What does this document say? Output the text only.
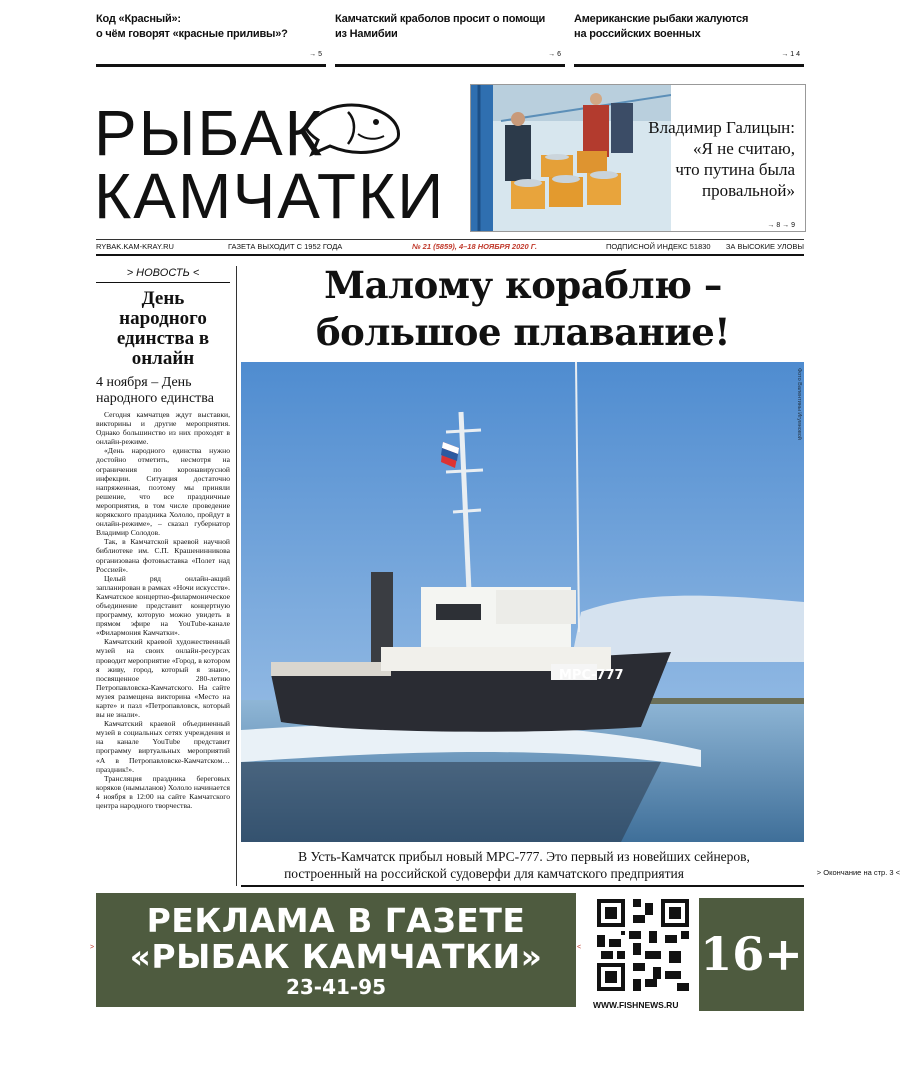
Код «Красный»:
о чём говорят «красные приливы»?
→ 5
Камчатский краболов просит о помощи
из Намибии
→ 6
Американские рыбаки жалуются
на российских военных
→ 1 4
РЫБАК
КАМЧАТКИ
Владимир Галицын:
«Я не считаю,
что путина была
провальной»
→ 8 → 9
RYBAK.KAM-KRAY.RU	ГАЗЕТА ВЫХОДИТ С 1952 ГОДА	№ 21 (5859), 4–18 НОЯБРЯ 2020 Г.	ПОДПИСНОЙ ИНДЕКС 51830 ЗА ВЫСОКИЕ УЛОВЫ
> НОВОСТЬ <
День народного единства в онлайн
4 ноября – День народного единства

Сегодня камчатцев ждут выставки, викторины и другие мероприятия. Однако большинство из них проходят в онлайн-режиме.

«День народного единства нужно достойно отметить, несмотря на ограничения по коронавирусной инфекции. Ситуация достаточно напряженная, поэтому мы приняли решение, что все праздничные мероприятия, в том числе проведение корякского праздника Хололо, пройдут в онлайн-режиме», – сказал губернатор Владимир Солодов.

Так, в Камчатской краевой научной библиотеке им. С.П. Крашенинникова организована фотовыставка «Полет над Россией».

Целый ряд онлайн-акций запланирован в рамках «Ночи искусств». Камчатское концертно-филармоническое объединение представит концертную программу, которую можно увидеть в прямом эфире на YouTube-канале «Филармония Камчатки».

Камчатский краевой художественный музей на своих онлайн-ресурсах проводит мероприятие «Город, в котором я живу, город, который я знаю», посвященное 280-летию Петропавловска-Камчатского. На сайте музея размещена викторина «Место на карте» и пазл «Петропавловск, который вы не знали».

Камчатский краевой объединенный музей в социальных сетях учреждения и на канале YouTube представит программу виртуальных мероприятий «А в Петропавловске-Камчатском… праздник!».

Трансляция праздника береговых коряков (нымыланов) Хололо начинается 4 ноября в 12:00 на сайте Камчатского центра народного творчества.

Малому кораблю –
большое плавание!
МРС-777
Фото Валентины Игумновой
В Усть-Камчатск прибыл новый МРС-777. Это первый из новейших сейнеров,
построенный на российской судоверфи для камчатского предприятия	> Окончание на стр. 3 <
>
РЕКЛАМА В ГАЗЕТЕ
«РЫБАК КАМЧАТКИ»
23-41-95
<
WWW.FISHNEWS.RU
16+
